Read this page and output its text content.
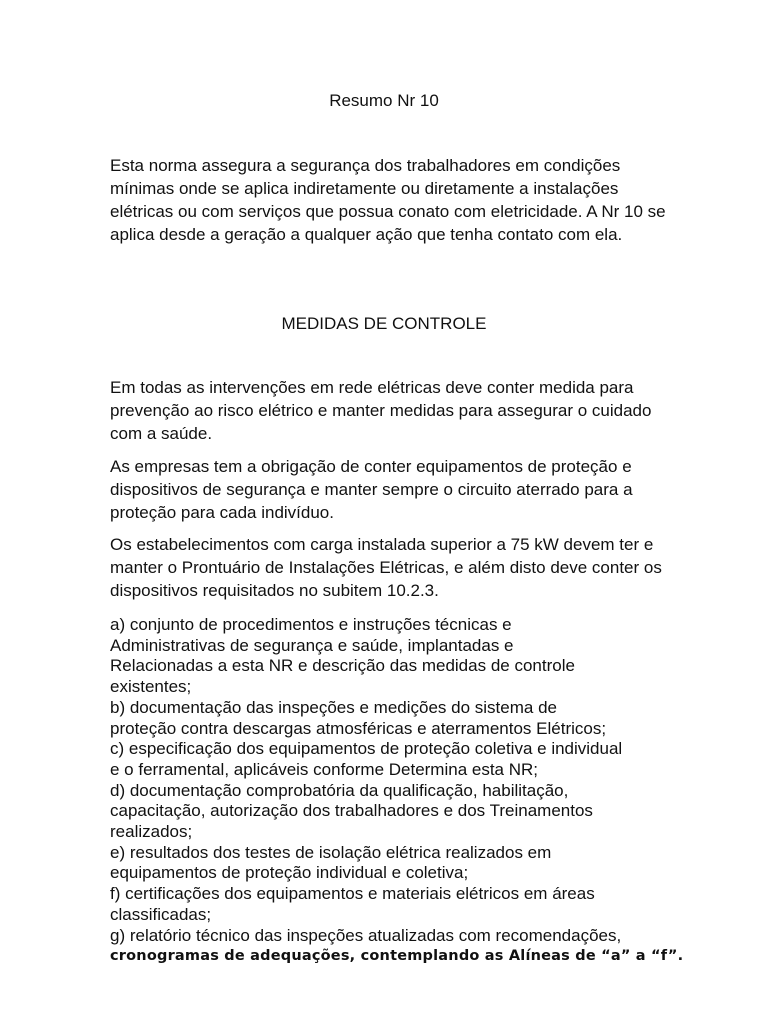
Resumo Nr 10

Esta norma assegura a segurança dos trabalhadores em condições mínimas onde se aplica indiretamente ou diretamente a instalações elétricas ou com serviços que possua conato com eletricidade. A Nr 10 se aplica desde a geração a qualquer ação que tenha contato com ela.

MEDIDAS DE CONTROLE

Em todas as intervenções em rede elétricas deve conter medida para prevenção ao risco elétrico e manter medidas para assegurar o cuidado com a saúde.

As empresas tem a obrigação de conter equipamentos de proteção e dispositivos de segurança e manter sempre o circuito aterrado para a proteção para cada indivíduo.

Os estabelecimentos com carga instalada superior a 75 kW devem ter e manter o Prontuário de Instalações Elétricas, e além disto deve conter os dispositivos requisitados no subitem 10.2.3.

a) conjunto de procedimentos e instruções técnicas e
Administrativas de segurança e saúde, implantadas e
Relacionadas a esta NR e descrição das medidas de controle
existentes;
b) documentação das inspeções e medições do sistema de
proteção contra descargas atmosféricas e aterramentos Elétricos;
c) especificação dos equipamentos de proteção coletiva e individual
e o ferramental, aplicáveis conforme Determina esta NR;
d) documentação comprobatória da qualificação, habilitação,
capacitação, autorização dos trabalhadores e dos Treinamentos
realizados;
e) resultados dos testes de isolação elétrica realizados em
equipamentos de proteção individual e coletiva;
f) certificações dos equipamentos e materiais elétricos em áreas
classificadas;
g) relatório técnico das inspeções atualizadas com recomendações,
cronogramas de adequações, contemplando as Alíneas de “a” a “f”.
